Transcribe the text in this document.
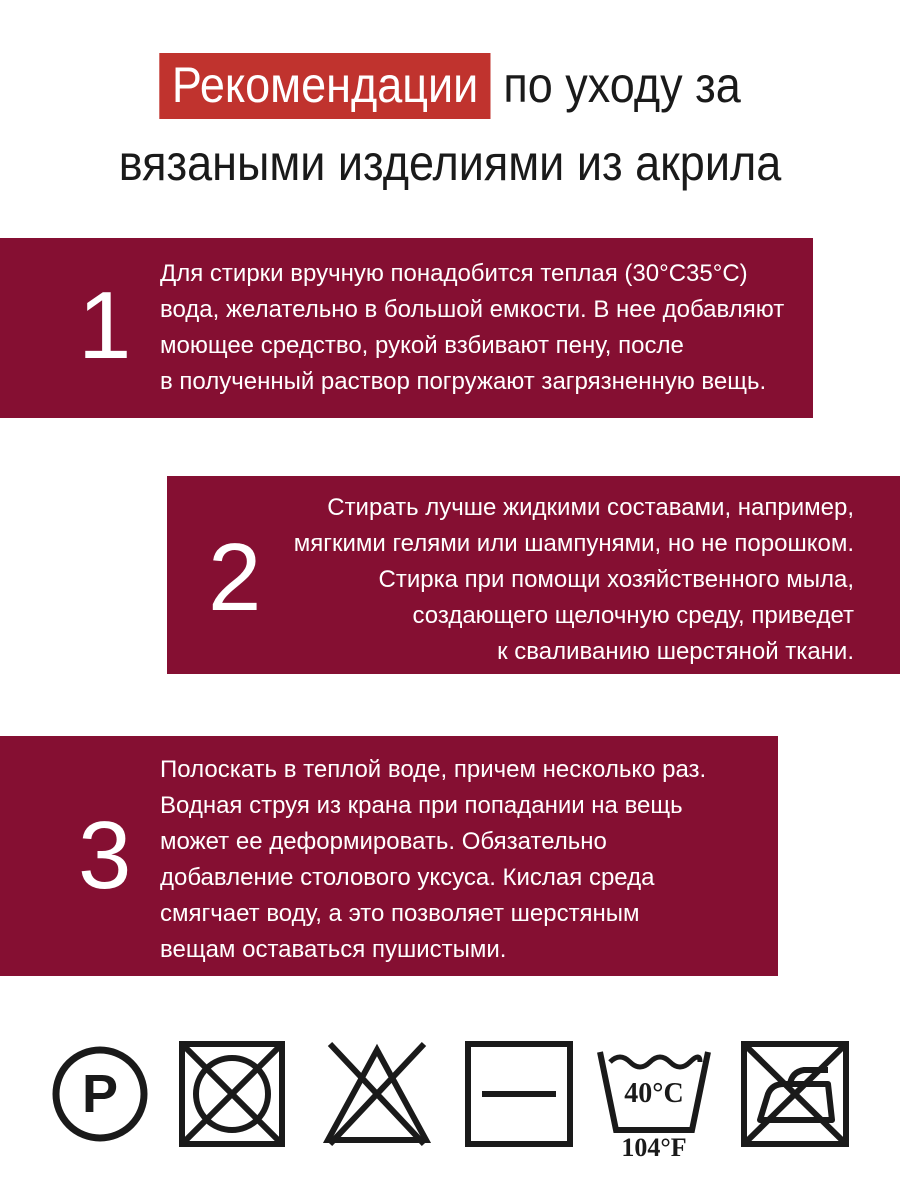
Рекомендации по уходу за
вязаными изделиями из акрила
1 Для стирки вручную понадобится теплая (30°C35°C)
вода, желательно в большой емкости. В нее добавляют
моющее средство, рукой взбивают пену, после
в полученный раствор погружают загрязненную вещь.
2
Стирать лучше жидкими составами, например,
мягкими гелями или шампунями, но не порошком.
Стирка при помощи хозяйственного мыла,
создающего щелочную среду, приведет
к сваливанию шерстяной ткани.
3
Полоскать в теплой воде, причем несколько раз.
Водная струя из крана при попадании на вещь
может ее деформировать. Обязательно
добавление столового уксуса. Кислая среда
смягчает воду, а это позволяет шерстяным
вещам оставаться пушистыми.
P	40°C
104°F
